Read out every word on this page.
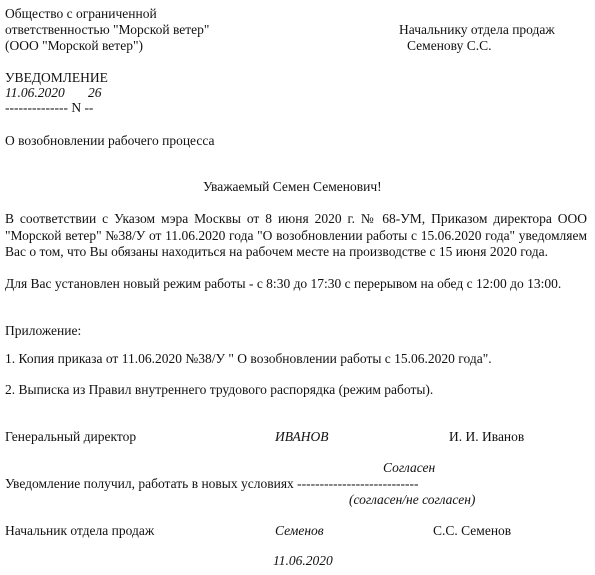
Общество с ограниченной
ответственностью "Морской ветер"
(ООО "Морской ветер")
Начальнику отдела продаж
Семенову С.С.
УВЕДОМЛЕНИЕ
11.06.2020 26
-------------- N --
О возобновлении рабочего процесса
Уважаемый Семен Семенович!
В соответствии с Указом мэра Москвы от 8 июня 2020 г. № 68-УМ, Приказом директора ООО "Морской ветер" №38/У от 11.06.2020 года "О возобновлении работы с 15.06.2020 года" уведомляем Вас о том, что Вы обязаны находиться на рабочем месте на производстве с 15 июня 2020 года.
Для Вас установлен новый режим работы - с 8:30 до 17:30 с перерывом на обед с 12:00 до 13:00.
Приложение:
1. Копия приказа от 11.06.2020 №38/У " О возобновлении работы с 15.06.2020 года".
2. Выписка из Правил внутреннего трудового распорядка (режим работы).
Генеральный директор	ИВАНОВ	И. И. Иванов
Согласен
Уведомление получил, работать в новых условиях ---------------------------
(согласен/не согласен)
Начальник отдела продаж	Семенов	С.С. Семенов
11.06.2020
